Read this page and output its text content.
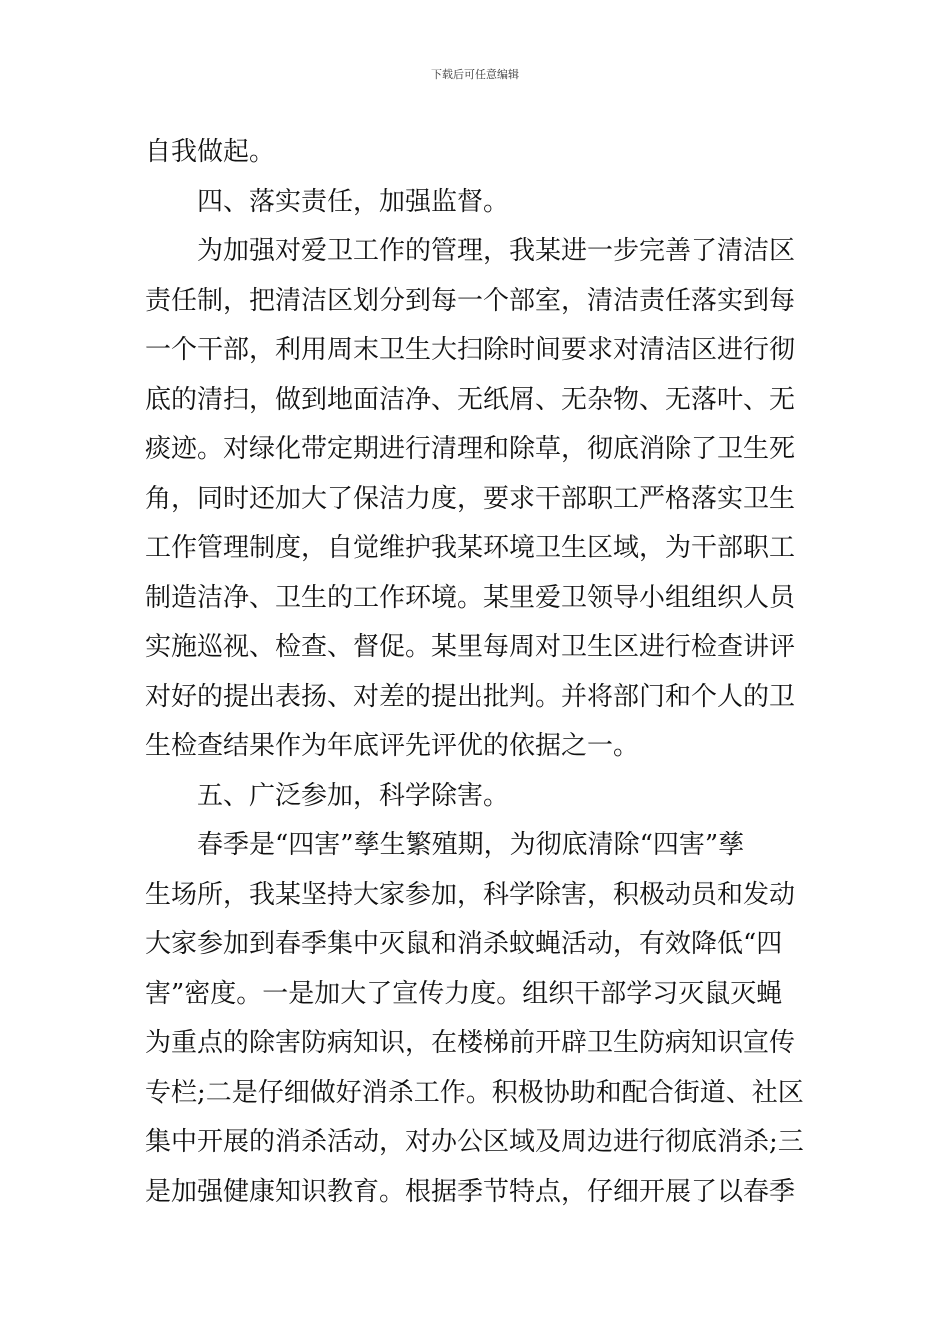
下载后可任意编辑
自我做起。
四、落实责任，加强监督。
为加强对爱卫工作的管理，我某进一步完善了清洁区
责任制，把清洁区划分到每一个部室，清洁责任落实到每
一个干部，利用周末卫生大扫除时间要求对清洁区进行彻
底的清扫，做到地面洁净、无纸屑、无杂物、无落叶、无
痰迹。对绿化带定期进行清理和除草，彻底消除了卫生死
角，同时还加大了保洁力度，要求干部职工严格落实卫生
工作管理制度，自觉维护我某环境卫生区域，为干部职工
制造洁净、卫生的工作环境。某里爱卫领导小组组织人员
实施巡视、检查、督促。某里每周对卫生区进行检查讲评
对好的提出表扬、对差的提出批判。并将部门和个人的卫
生检查结果作为年底评先评优的依据之一。
五、广泛参加，科学除害。
春季是“四害”孳生繁殖期，为彻底清除“四害”孳
生场所，我某坚持大家参加，科学除害，积极动员和发动
大家参加到春季集中灭鼠和消杀蚊蝇活动，有效降低“四
害”密度。一是加大了宣传力度。组织干部学习灭鼠灭蝇
为重点的除害防病知识，在楼梯前开辟卫生防病知识宣传
专栏;二是仔细做好消杀工作。积极协助和配合街道、社区
集中开展的消杀活动，对办公区域及周边进行彻底消杀;三
是加强健康知识教育。根据季节特点，仔细开展了以春季
